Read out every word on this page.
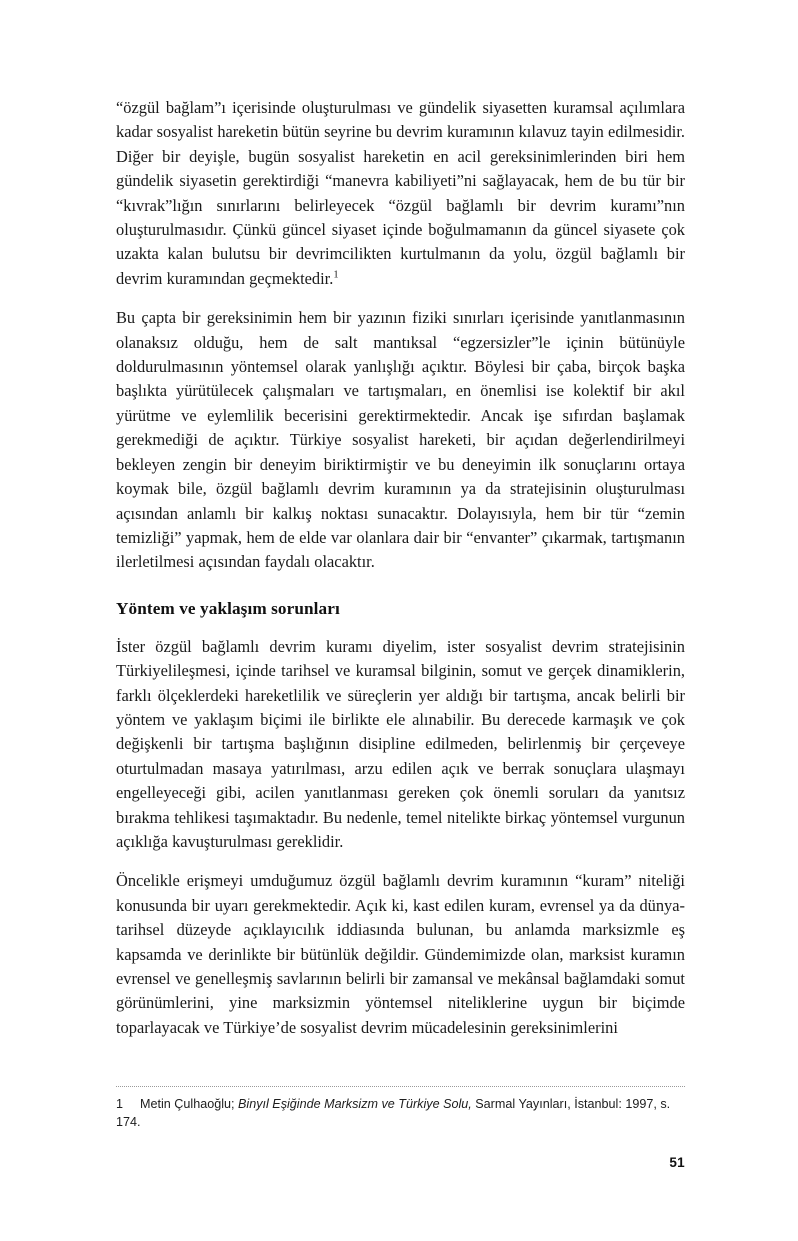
“özgül bağlam”ı içerisinde oluşturulması ve gündelik siyasetten kuramsal açılımlara kadar sosyalist hareketin bütün seyrine bu devrim kuramının kılavuz tayin edilmesidir. Diğer bir deyişle, bugün sosyalist hareketin en acil gereksinimlerinden biri hem gündelik siyasetin gerektirdiği “manevra kabiliyeti”ni sağlayacak, hem de bu tür bir “kıvrak”lığın sınırlarını belirleyecek “özgül bağlamlı bir devrim kuramı”nın oluşturulmasıdır. Çünkü güncel siyaset içinde boğulmamanın da güncel siyasete çok uzakta kalan bulutsu bir devrimcilikten kurtulmanın da yolu, özgül bağlamlı bir devrim kuramından geçmektedir.$^1$

Bu çapta bir gereksinimin hem bir yazının fiziki sınırları içerisinde yanıtlanmasının olanaksız olduğu, hem de salt mantıksal “egzersizler”le içinin bütünüyle doldurulmasının yöntemsel olarak yanlışlığı açıktır. Böylesi bir çaba, birçok başka başlıkta yürütülecek çalışmaları ve tartışmaları, en önemlisi ise kolektif bir akıl yürütme ve eylemlilik becerisini gerektirmektedir. Ancak işe sıfırdan başlamak gerekmediği de açıktır. Türkiye sosyalist hareketi, bir açıdan değerlendirilmeyi bekleyen zengin bir deneyim biriktirmiştir ve bu deneyimin ilk sonuçlarını ortaya koymak bile, özgül bağlamlı devrim kuramının ya da stratejisinin oluşturulması açısından anlamlı bir kalkış noktası sunacaktır. Dolayısıyla, hem bir tür “zemin temizliği” yapmak, hem de elde var olanlara dair bir “envanter” çıkarmak, tartışmanın ilerletilmesi açısından faydalı olacaktır.

Yöntem ve yaklaşım sorunları

İster özgül bağlamlı devrim kuramı diyelim, ister sosyalist devrim stratejisinin Türkiyelileşmesi, içinde tarihsel ve kuramsal bilginin, somut ve gerçek dinamiklerin, farklı ölçeklerdeki hareketlilik ve süreçlerin yer aldığı bir tartışma, ancak belirli bir yöntem ve yaklaşım biçimi ile birlikte ele alınabilir. Bu derecede karmaşık ve çok değişkenli bir tartışma başlığının disipline edilmeden, belirlenmiş bir çerçeveye oturtulmadan masaya yatırılması, arzu edilen açık ve berrak sonuçlara ulaşmayı engelleyeceği gibi, acilen yanıtlanması gereken çok önemli soruları da yanıtsız bırakma tehlikesi taşımaktadır. Bu nedenle, temel nitelikte birkaç yöntemsel vurgunun açıklığa kavuşturulması gereklidir.

Öncelikle erişmeyi umduğumuz özgül bağlamlı devrim kuramının “kuram” niteliği konusunda bir uyarı gerekmektedir. Açık ki, kast edilen kuram, evrensel ya da dünya-tarihsel düzeyde açıklayıcılık iddiasında bulunan, bu anlamda marksizmle eş kapsamda ve derinlikte bir bütünlük değildir. Gündemimizde olan, marksist kuramın evrensel ve genelleşmiş savlarının belirli bir zamansal ve mekânsal bağlamdaki somut görünümlerini, yine marksizmin yöntemsel niteliklerine uygun bir biçimde toparlayacak ve Türkiye’de sosyalist devrim mücadelesinin gereksinimlerini

1 Metin Çulhaoğlu; Binyıl Eşiğinde Marksizm ve Türkiye Solu, Sarmal Yayınları, İstanbul: 1997, s. 174.

51
